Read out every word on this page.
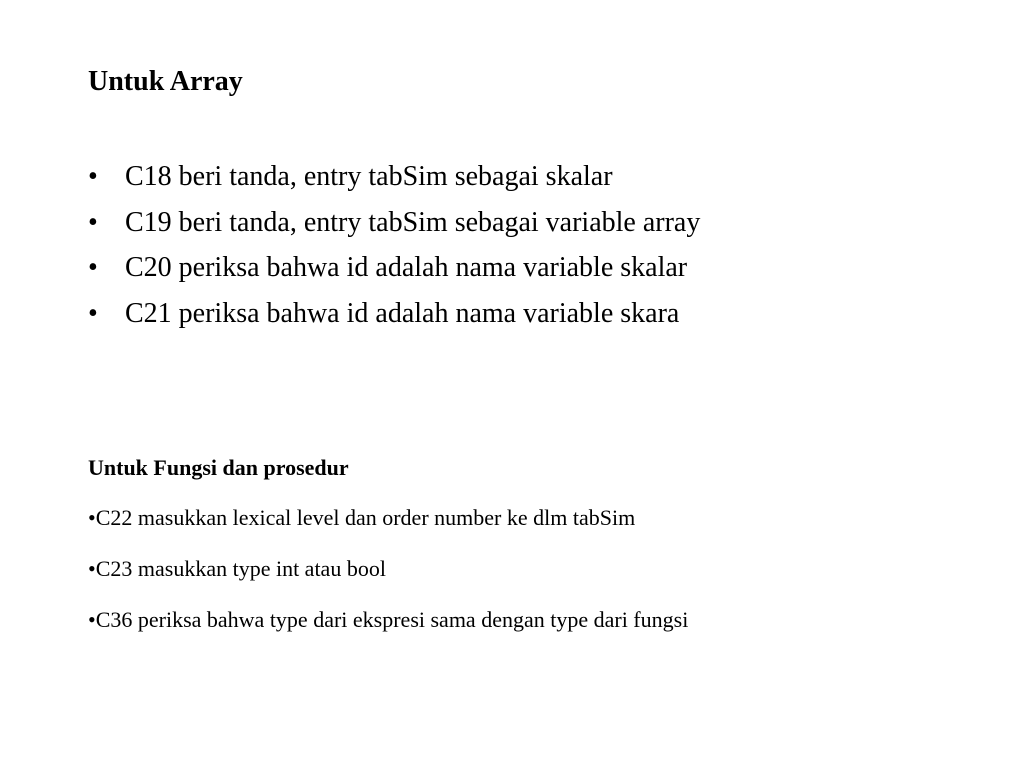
Untuk Array
• C18 beri tanda, entry tabSim sebagai skalar
• C19 beri tanda, entry tabSim sebagai variable array
• C20 periksa bahwa id adalah nama variable skalar
• C21 periksa bahwa id adalah nama variable skara
Untuk Fungsi dan prosedur
•C22 masukkan lexical level dan order number ke dlm tabSim
•C23 masukkan type int atau bool
•C36 periksa bahwa type dari ekspresi sama dengan type dari fungsi
